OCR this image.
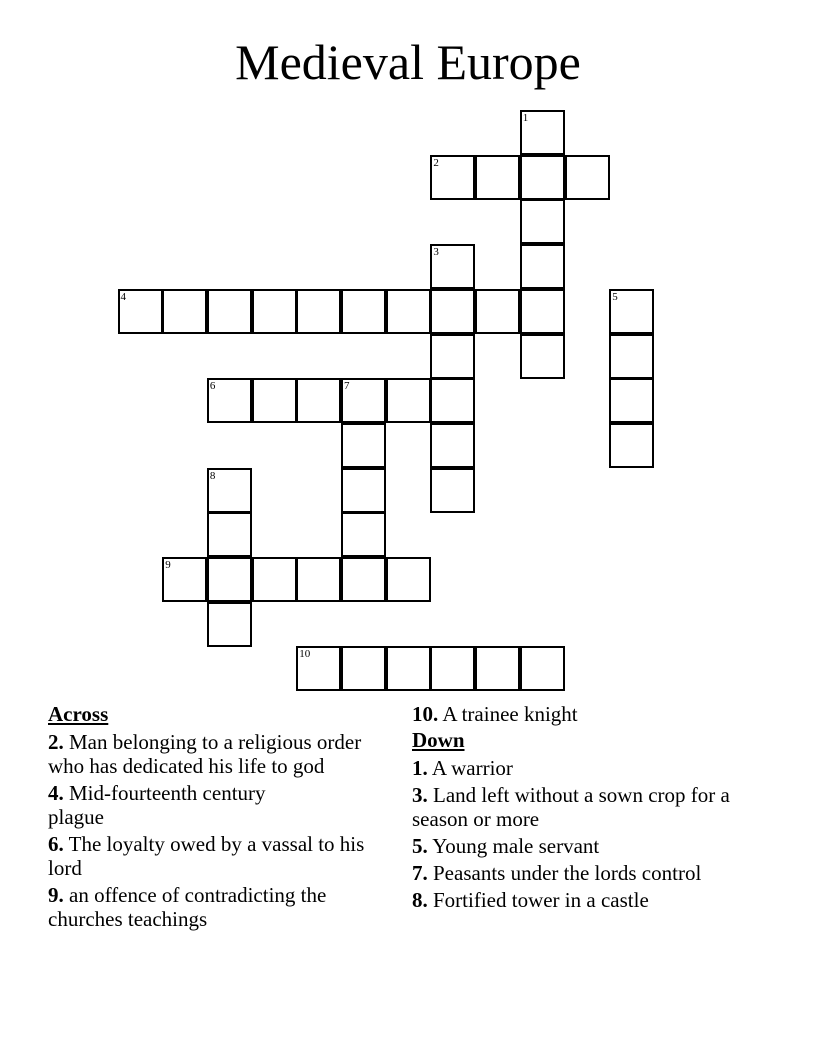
Medieval Europe
1
2
3
4	5
6	7
8
9
10
Across
2. Man belonging to a religious order who has dedicated his life to god
4. Mid-fourteenth century plague
6. The loyalty owed by a vassal to his lord
9. an offence of contradicting the churches teachings
10. A trainee knight
Down
1. A warrior
3. Land left without a sown crop for a season or more
5. Young male servant
7. Peasants under the lords control
8. Fortified tower in a castle
